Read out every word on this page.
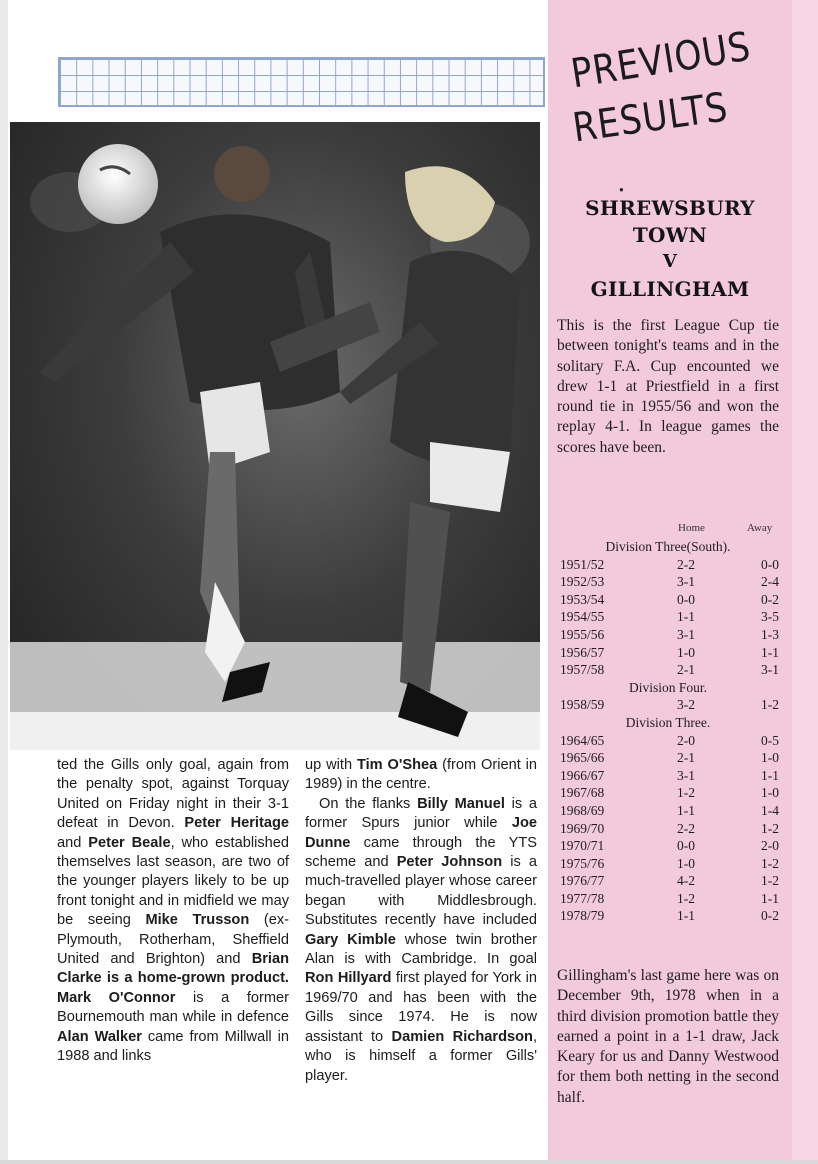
PREVIOUS
RESULTS
●
SHREWSBURY
TOWN
V
GILLINGHAM

This is the first League Cup tie between tonight's teams and in the solitary F.A. Cup encounted we drew 1-1 at Priestfield in a first round tie in 1955/56 and won the replay 4-1. In league games the scores have been.

Home	Away
Division Three(South).
1951/52	2-2	0-0
1952/53	3-1	2-4
1953/54	0-0	0-2
1954/55	1-1	3-5
1955/56	3-1	1-3
1956/57	1-0	1-1
1957/58	2-1	3-1
Division Four.
1958/59	3-2	1-2
Division Three.
1964/65	2-0	0-5
1965/66	2-1	1-0
1966/67	3-1	1-1
1967/68	1-2	1-0
1968/69	1-1	1-4
1969/70	2-2	1-2
1970/71	0-0	2-0
1975/76	1-0	1-2
1976/77	4-2	1-2
1977/78	1-2	1-1
1978/79	1-1	0-2

Gillingham's last game here was on December 9th, 1978 when in a third division promotion battle they earned a point in a 1-1 draw, Jack Keary for us and Danny Westwood for them both netting in the second half.

ted the Gills only goal, again from the penalty spot, against Torquay United on Friday night in their 3-1 defeat in Devon. Peter Heritage and Peter Beale, who established themselves last season, are two of the younger players likely to be up front tonight and in midfield we may be seeing Mike Trusson (ex-Plymouth, Rotherham, Sheffield United and Brighton) and Brian Clarke is a home-grown product. Mark O'Connor is a former Bournemouth man while in defence Alan Walker came from Millwall in 1988 and links
up with Tim O'Shea (from Orient in 1989) in the centre.
On the flanks Billy Manuel is a former Spurs junior while Joe Dunne came through the YTS scheme and Peter Johnson is a much-travelled player whose career began with Middlesbrough. Substitutes recently have included Gary Kimble whose twin brother Alan is with Cambridge. In goal Ron Hillyard first played for York in 1969/70 and has been with the Gills since 1974. He is now assistant to Damien Richardson, who is himself a former Gills' player.
